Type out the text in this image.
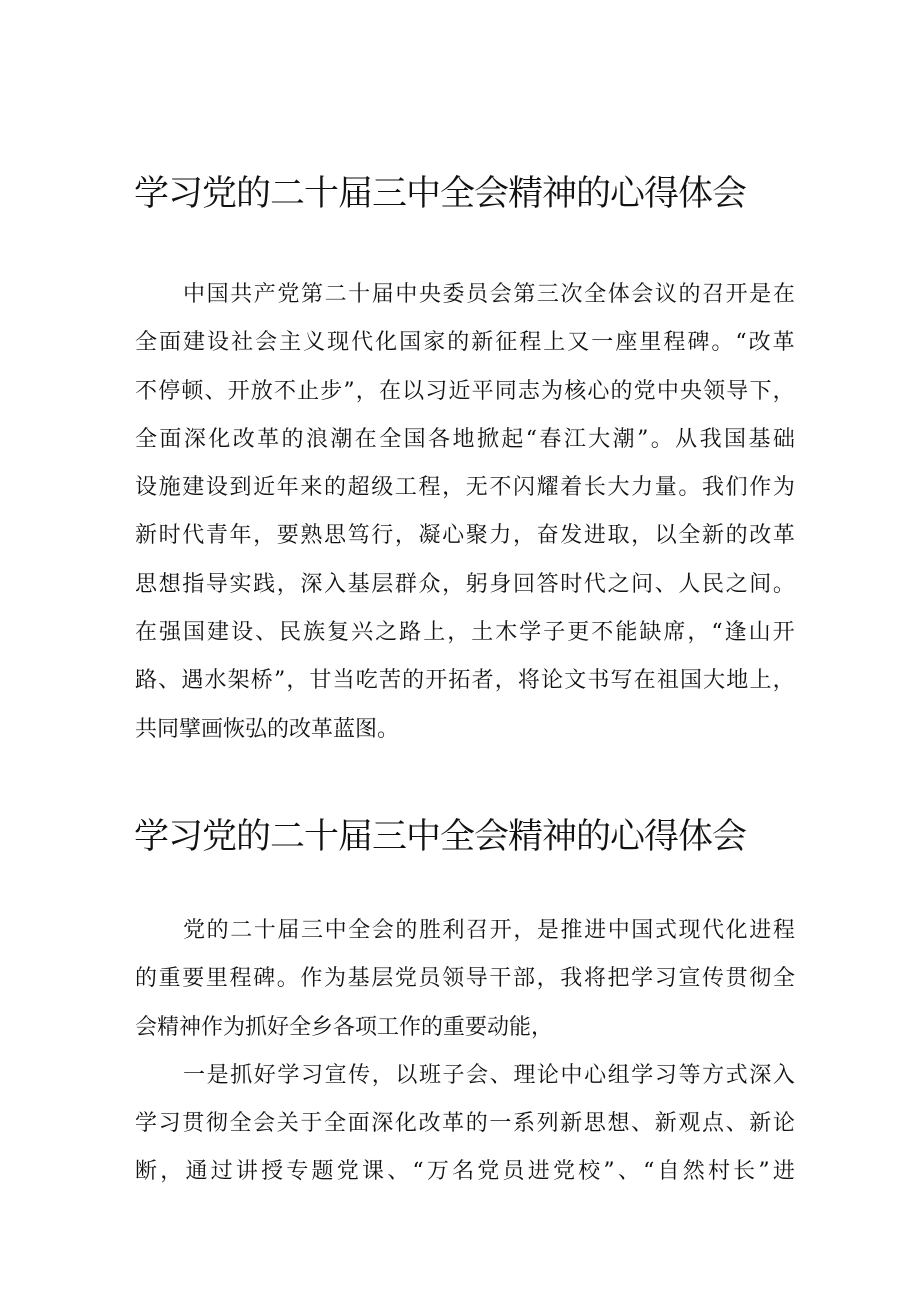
学习党的二十届三中全会精神的心得体会
中 国 共 产 党 第 二 十 届 中 央 委 员 会 第 三 次 全 体 会 议 的 召 开 是 在
全 面 建 设 社 会 主 义 现 代 化 国 家 的 新 征 程 上 又 一 座 里 程 碑 。 “ 改 革
不 停 顿 、 开 放 不 止 步 ” ， 在 以 习 近 平 同 志 为 核 心 的 党 中 央 领 导 下 ，
全 面 深 化 改 革 的 浪 潮 在 全 国 各 地 掀 起 “ 春 江 大 潮 ” 。 从 我 国 基 础
设 施 建 设 到 近 年 来 的 超 级 工 程 ， 无 不 闪 耀 着 长 大 力 量 。 我 们 作 为
新 时 代 青 年 ， 要 熟 思 笃 行 ， 凝 心 聚 力 ， 奋 发 进 取 ， 以 全 新 的 改 革
思 想 指 导 实 践 ， 深 入 基 层 群 众 ， 躬 身 回 答 时 代 之 问 、 人 民 之 间 。
在 强 国 建 设 、 民 族 复 兴 之 路 上 ， 土 木 学 子 更 不 能 缺 席 ， “ 逢 山 开
路 、 遇 水 架 桥 ” ， 甘 当 吃 苦 的 开 拓 者 ， 将 论 文 书 写 在 祖 国 大 地 上 ，
共同擘画恢弘的改革蓝图。
学习党的二十届三中全会精神的心得体会
党 的 二 十 届 三 中 全 会 的 胜 利 召 开 ， 是 推 进 中 国 式 现 代 化 进 程
的 重 要 里 程 碑 。 作 为 基 层 党 员 领 导 干 部 ， 我 将 把 学 习 宣 传 贯 彻 全
会精神作为抓好全乡各项工作的重要动能，
一 是 抓 好 学 习 宣 传 ， 以 班 子 会 、 理 论 中 心 组 学 习 等 方 式 深 入
学 习 贯 彻 全 会 关 于 全 面 深 化 改 革 的 一 系 列 新 思 想 、 新 观 点 、 新 论
断 ， 通 过 讲 授 专 题 党 课 、 “ 万 名 党 员 进 党 校 ” 、 “ 自 然 村 长 ” 进
